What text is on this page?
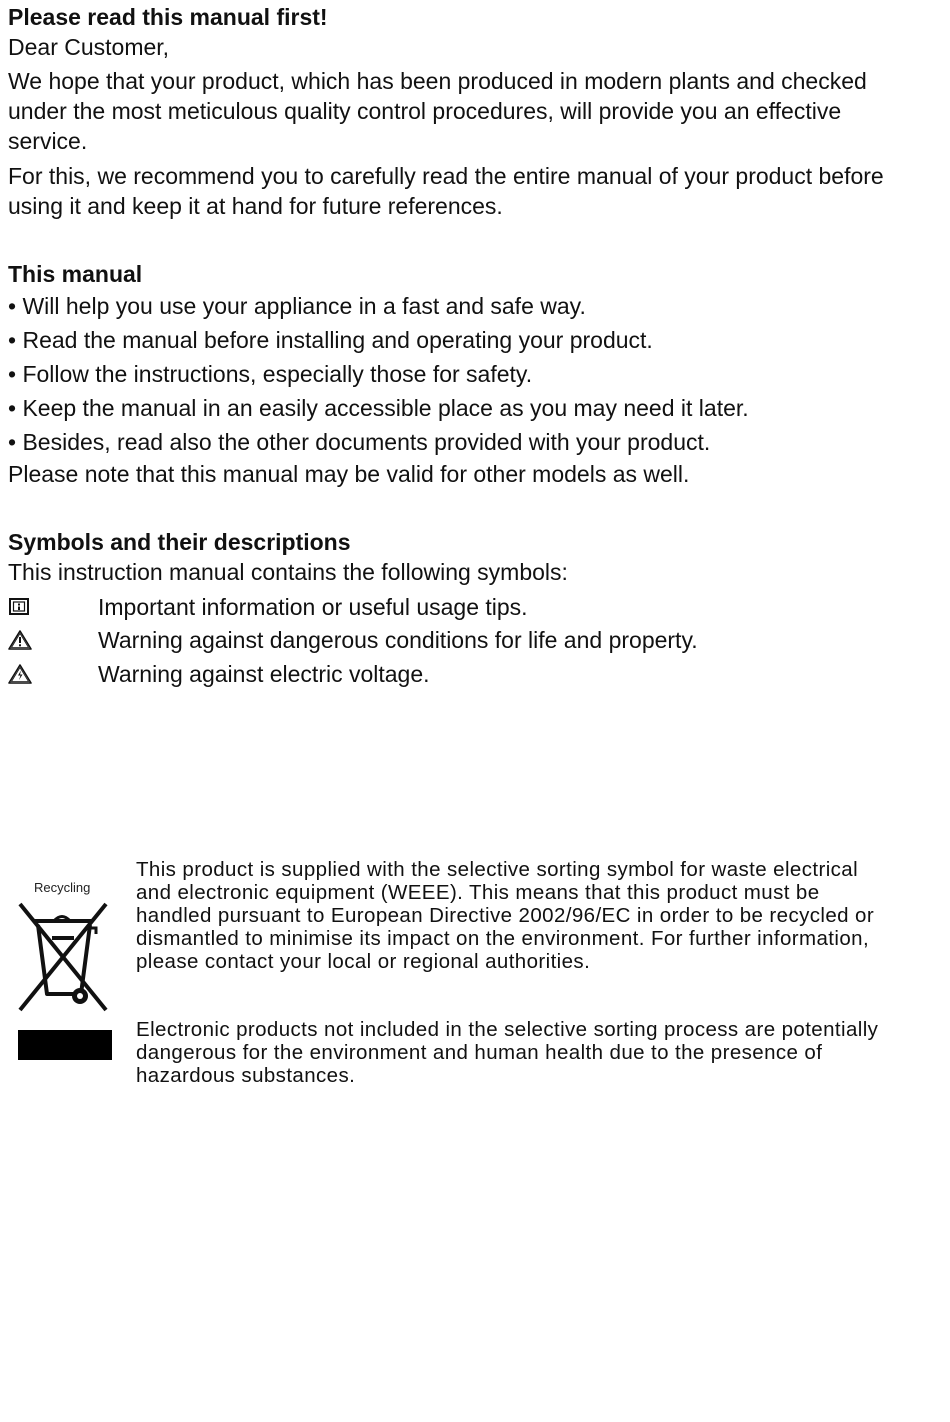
Please read this manual first!

Dear Customer,

We hope that your product, which has been produced in modern plants and checked under the most meticulous quality control procedures, will provide you an effective service.

For this, we recommend you to carefully read the entire manual of your product before using it and keep it at hand for future references.

This manual

• Will help you use your appliance in a fast and safe way.
• Read the manual before installing and operating your product.
• Follow the instructions, especially those for safety.
• Keep the manual in an easily accessible place as you may need it later.
• Besides, read also the other documents provided with your product.

Please note that this manual may be valid for other models as well.

Symbols and their descriptions

This instruction manual contains the following symbols:

Important information or useful usage tips.
Warning against dangerous conditions for life and property.
Warning against electric voltage.
Recycling

This product is supplied with the selective sorting symbol for waste electrical and electronic equipment (WEEE). This means that this product must be handled pursuant to European Directive 2002/96/EC in order to be recycled or dismantled to minimise its impact on the environment. For further information, please contact your local or regional authorities.

Electronic products not included in the selective sorting process are potentially dangerous for the environment and human health due to the presence of hazardous substances.
